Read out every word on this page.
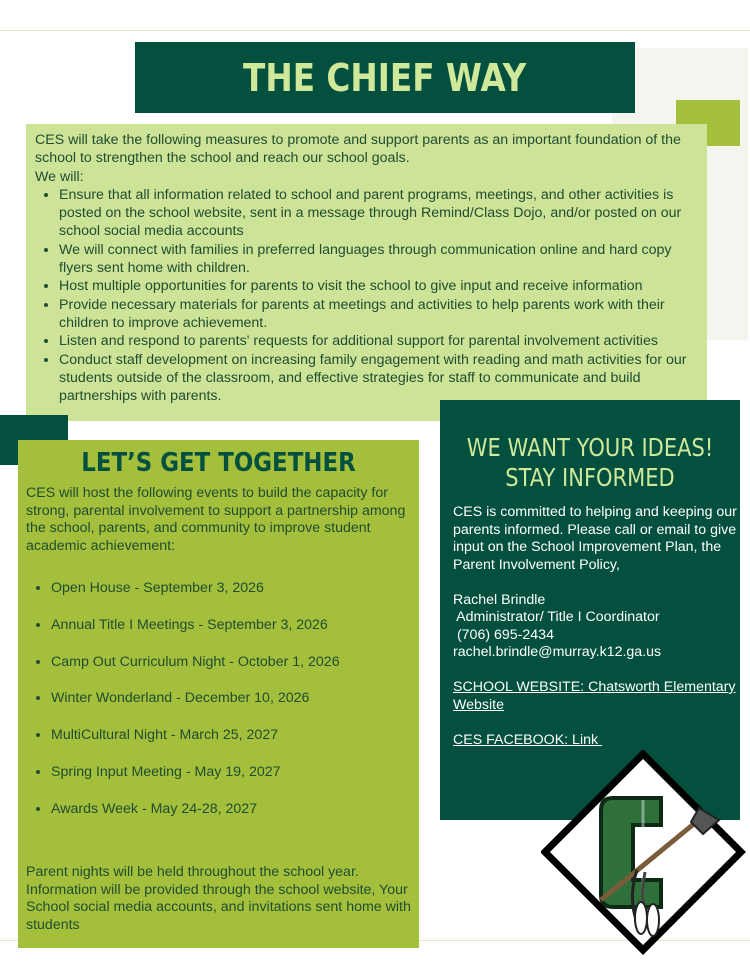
THE CHIEF WAY

CES will take the following measures to promote and support parents as an important foundation of the school to strengthen the school and reach our school goals.

We will:

• Ensure that all information related to school and parent programs, meetings, and other activities is posted on the school website, sent in a message through Remind/Class Dojo, and/or posted on our school social media accounts
• We will connect with families in preferred languages through communication online and hard copy flyers sent home with children.
• Host multiple opportunities for parents to visit the school to give input and receive information
• Provide necessary materials for parents at meetings and activities to help parents work with their children to improve achievement.
• Listen and respond to parents' requests for additional support for parental involvement activities
• Conduct staff development on increasing family engagement with reading and math activities for our students outside of the classroom, and effective strategies for staff to communicate and build partnerships with parents.
LET’S GET TOGETHER

CES will host the following events to build the capacity for strong, parental involvement to support a partnership among the school, parents, and community to improve student academic achievement:

• Open House - September 3, 2026
• Annual Title I Meetings - September 3, 2026
• Camp Out Curriculum Night - October 1, 2026
• Winter Wonderland - December 10, 2026
• MultiCultural Night - March 25, 2027
• Spring Input Meeting - May 19, 2027
• Awards Week - May 24-28, 2027

Parent nights will be held throughout the school year. Information will be provided through the school website, Your School social media accounts, and invitations sent home with students

WE WANT YOUR IDEAS!
STAY INFORMED

CES is committed to helping and keeping our parents informed. Please call or email to give input on the School Improvement Plan, the Parent Involvement Policy,

Rachel Brindle

Administrator/ Title I Coordinator

(706) 695-2434

rachel.brindle@murray.k12.ga.us

SCHOOL WEBSITE: Chatsworth Elementary Website

CES FACEBOOK: Link
